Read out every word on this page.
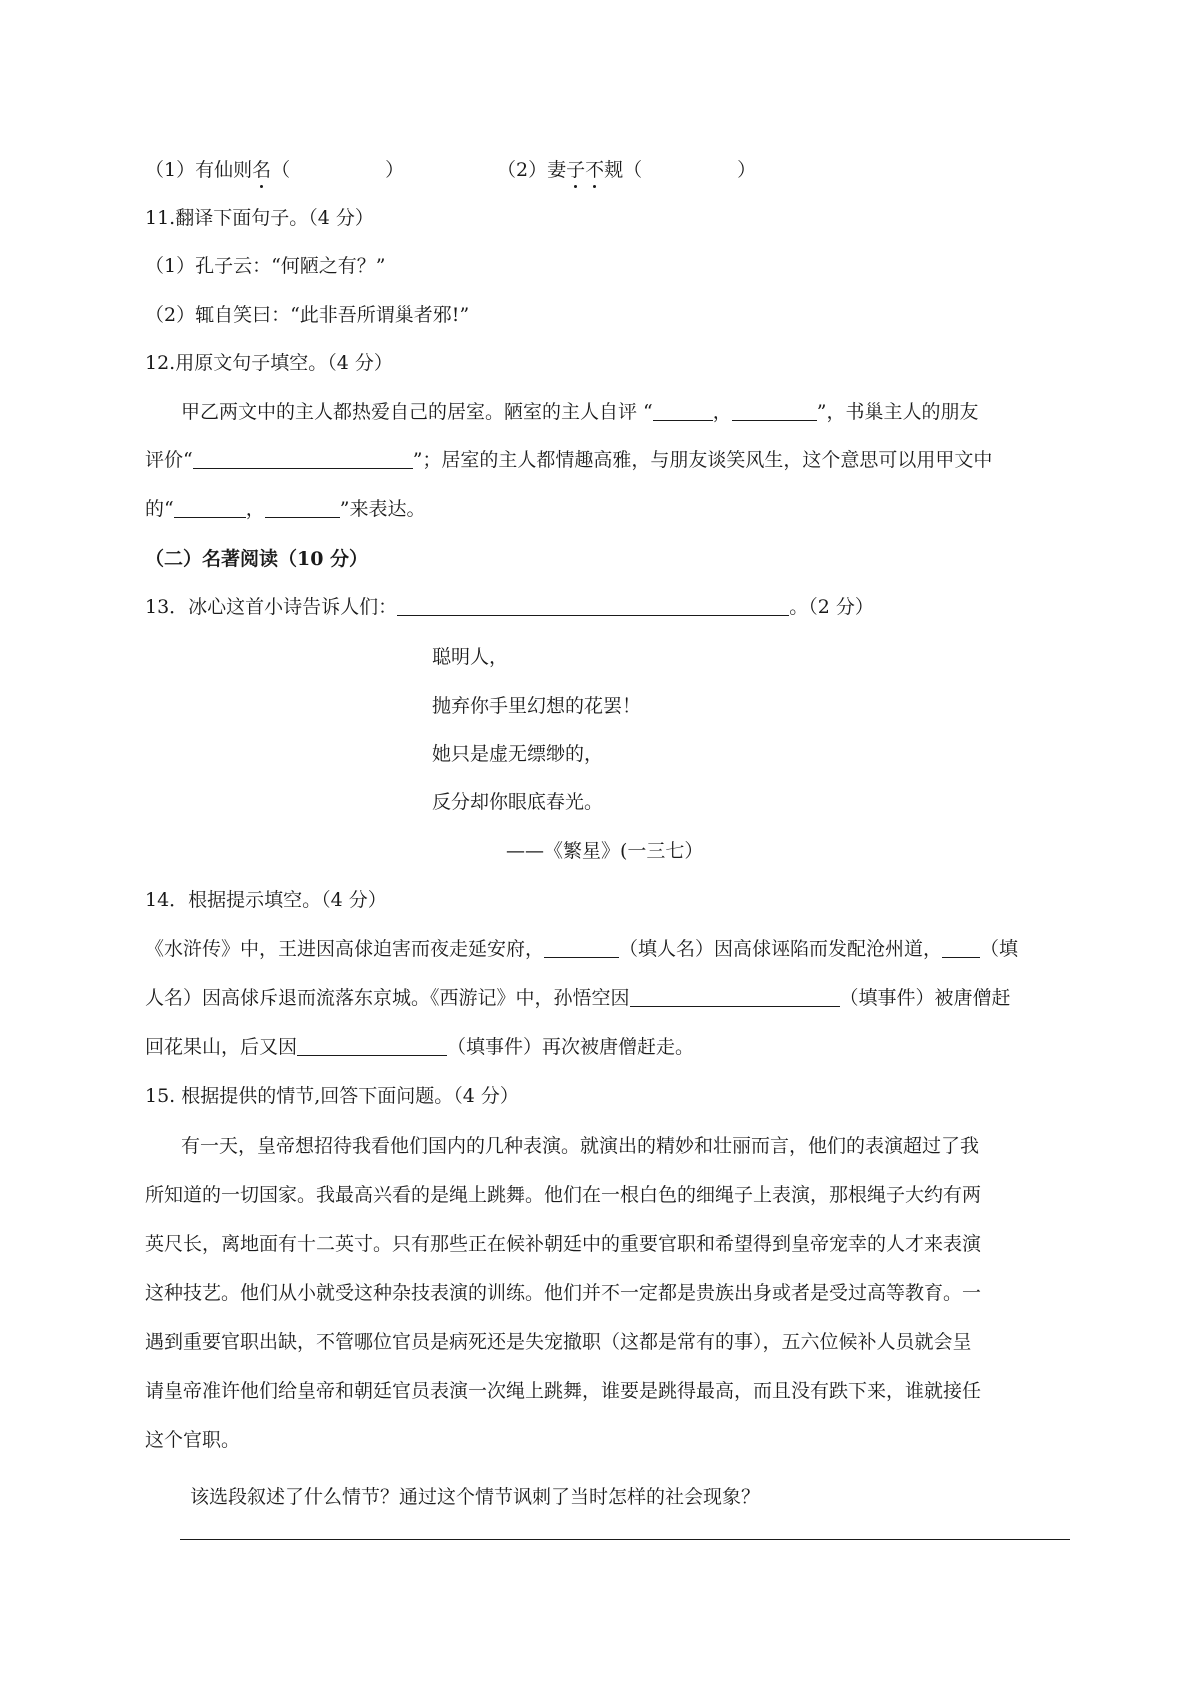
（1）有仙则名（　　　　　）	（2）妻子不觌（　　　　　）
11.翻译下面句子。（4 分）
（1）孔子云：“何陋之有？”
（2）辄自笑曰：“此非吾所谓巢者邪!”
12.用原文句子填空。（4 分）
甲乙两文中的主人都热爱自己的居室。陋室的主人自评 “	，	”，书巢主人的朋友
评价“	”；居室的主人都情趣高雅，与朋友谈笑风生，这个意思可以用甲文中
的“	，	”来表达。
（二）名著阅读（10 分）
13．冰心这首小诗告诉人们：	。（2 分）
聪明人，
抛弃你手里幻想的花罢！
她只是虚无缥缈的，
反分却你眼底春光。
——《繁星》(一三七）
14．根据提示填空。（4 分）
《水浒传》中，王进因高俅迫害而夜走延安府，	（填人名）因高俅诬陷而发配沧州道， （填
人名）因高俅斥退而流落东京城。《西游记》中，孙悟空因	（填事件）被唐僧赶
回花果山，后又因	（填事件）再次被唐僧赶走。
15. 根据提供的情节,回答下面问题。（4 分）
有一天，皇帝想招待我看他们国内的几种表演。就演出的精妙和壮丽而言，他们的表演超过了我
所知道的一切国家。我最高兴看的是绳上跳舞。他们在一根白色的细绳子上表演，那根绳子大约有两
英尺长，离地面有十二英寸。只有那些正在候补朝廷中的重要官职和希望得到皇帝宠幸的人才来表演
这种技艺。他们从小就受这种杂技表演的训练。他们并不一定都是贵族出身或者是受过高等教育。一
遇到重要官职出缺，不管哪位官员是病死还是失宠撤职（这都是常有的事），五六位候补人员就会呈
请皇帝准许他们给皇帝和朝廷官员表演一次绳上跳舞，谁要是跳得最高，而且没有跌下来，谁就接任
这个官职。
该选段叙述了什么情节？通过这个情节讽刺了当时怎样的社会现象？
